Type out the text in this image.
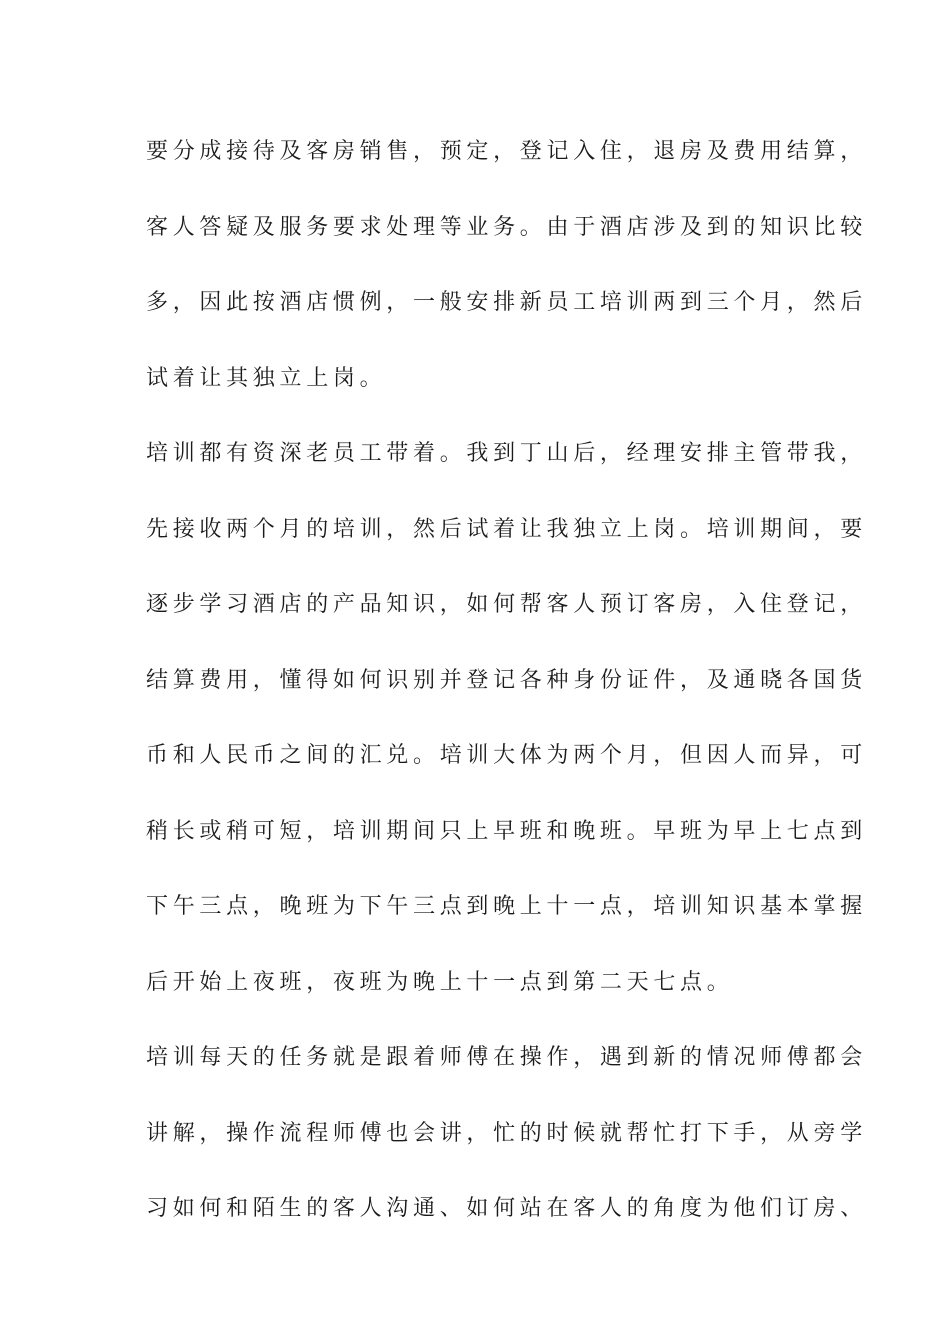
要分成接待及客房销售，预定，登记入住，退房及费用结算，
客人答疑及服务要求处理等业务。由于酒店涉及到的知识比较
多，因此按酒店惯例，一般安排新员工培训两到三个月，然后
试着让其独立上岗。
培训都有资深老员工带着。我到丁山后，经理安排主管带我，
先接收两个月的培训，然后试着让我独立上岗。培训期间，要
逐步学习酒店的产品知识，如何帮客人预订客房，入住登记，
结算费用，懂得如何识别并登记各种身份证件，及通晓各国货
币和人民币之间的汇兑。培训大体为两个月，但因人而异，可
稍长或稍可短，培训期间只上早班和晚班。早班为早上七点到
下午三点，晚班为下午三点到晚上十一点，培训知识基本掌握
后开始上夜班，夜班为晚上十一点到第二天七点。
培训每天的任务就是跟着师傅在操作，遇到新的情况师傅都会
讲解，操作流程师傅也会讲，忙的时候就帮忙打下手，从旁学
习如何和陌生的客人沟通、如何站在客人的角度为他们订房、
